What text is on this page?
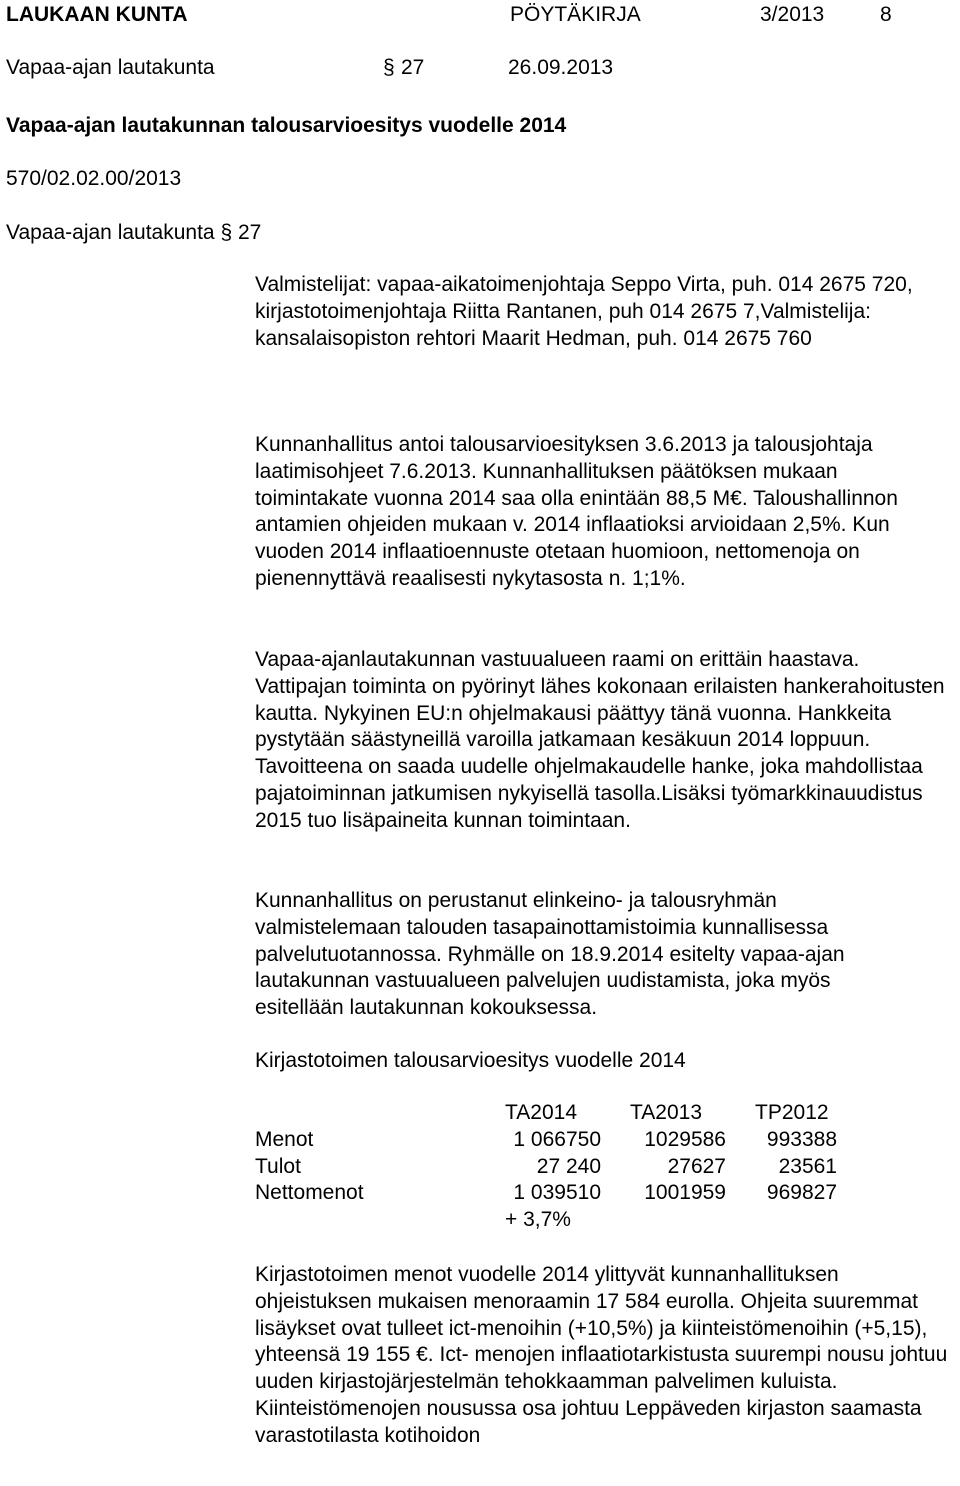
LAUKAAN KUNTA	PÖYTÄKIRJA	3/2013	8
Vapaa-ajan lautakunta	§ 27	26.09.2013
Vapaa-ajan lautakunnan talousarvioesitys vuodelle 2014
570/02.02.00/2013
Vapaa-ajan lautakunta § 27
Valmistelijat: vapaa-aikatoimenjohtaja Seppo Virta, puh. 014 2675 720, kirjastotoimenjohtaja Riitta Rantanen, puh 014 2675 7,Valmistelija: kansalaisopiston rehtori Maarit Hedman, puh. 014 2675 760
Kunnanhallitus antoi talousarvioesityksen 3.6.2013 ja talousjohtaja laatimisohjeet 7.6.2013. Kunnanhallituksen päätöksen mukaan toimintakate vuonna 2014 saa olla enintään 88,5 M€. Taloushallinnon antamien ohjeiden mukaan v. 2014 inflaatioksi arvioidaan 2,5%. Kun vuoden 2014 inflaatioennuste otetaan huomioon, nettomenoja on pienennyttävä reaalisesti nykytasosta n. 1;1%.
Vapaa-ajanlautakunnan vastuualueen raami on erittäin haastava. Vattipajan toiminta on pyörinyt lähes kokonaan erilaisten hankerahoitusten kautta. Nykyinen EU:n ohjelmakausi päättyy tänä vuonna. Hankkeita pystytään säästyneillä varoilla jatkamaan kesäkuun 2014 loppuun. Tavoitteena on saada uudelle ohjelmakaudelle hanke, joka mahdollistaa pajatoiminnan jatkumisen nykyisellä tasolla.Lisäksi työmarkkinauudistus 2015 tuo lisäpaineita kunnan toimintaan.
Kunnanhallitus on perustanut elinkeino- ja talousryhmän valmistelemaan talouden tasapainottamistoimia kunnallisessa palvelutuotannossa. Ryhmälle on 18.9.2014 esitelty vapaa-ajan lautakunnan vastuualueen palvelujen uudistamista, joka myös esitellään lautakunnan kokouksessa.
Kirjastotoimen talousarvioesitys vuodelle 2014
TA2014	TA2013	TP2012
Menot	1 066750	1029586	993388
Tulot	27 240	27627	23561
Nettomenot	1 039510	1001959	969827
+ 3,7%
Kirjastotoimen menot vuodelle 2014 ylittyvät kunnanhallituksen ohjeistuksen mukaisen menoraamin 17 584 eurolla. Ohjeita suuremmat lisäykset ovat tulleet ict-menoihin (+10,5%) ja kiinteistömenoihin (+5,15), yhteensä 19 155 €. Ict- menojen inflaatiotarkistusta suurempi nousu johtuu uuden kirjastojärjestelmän tehokkaamman palvelimen kuluista. Kiinteistömenojen nousussa osa johtuu Leppäveden kirjaston saamasta varastotilasta kotihoidon
